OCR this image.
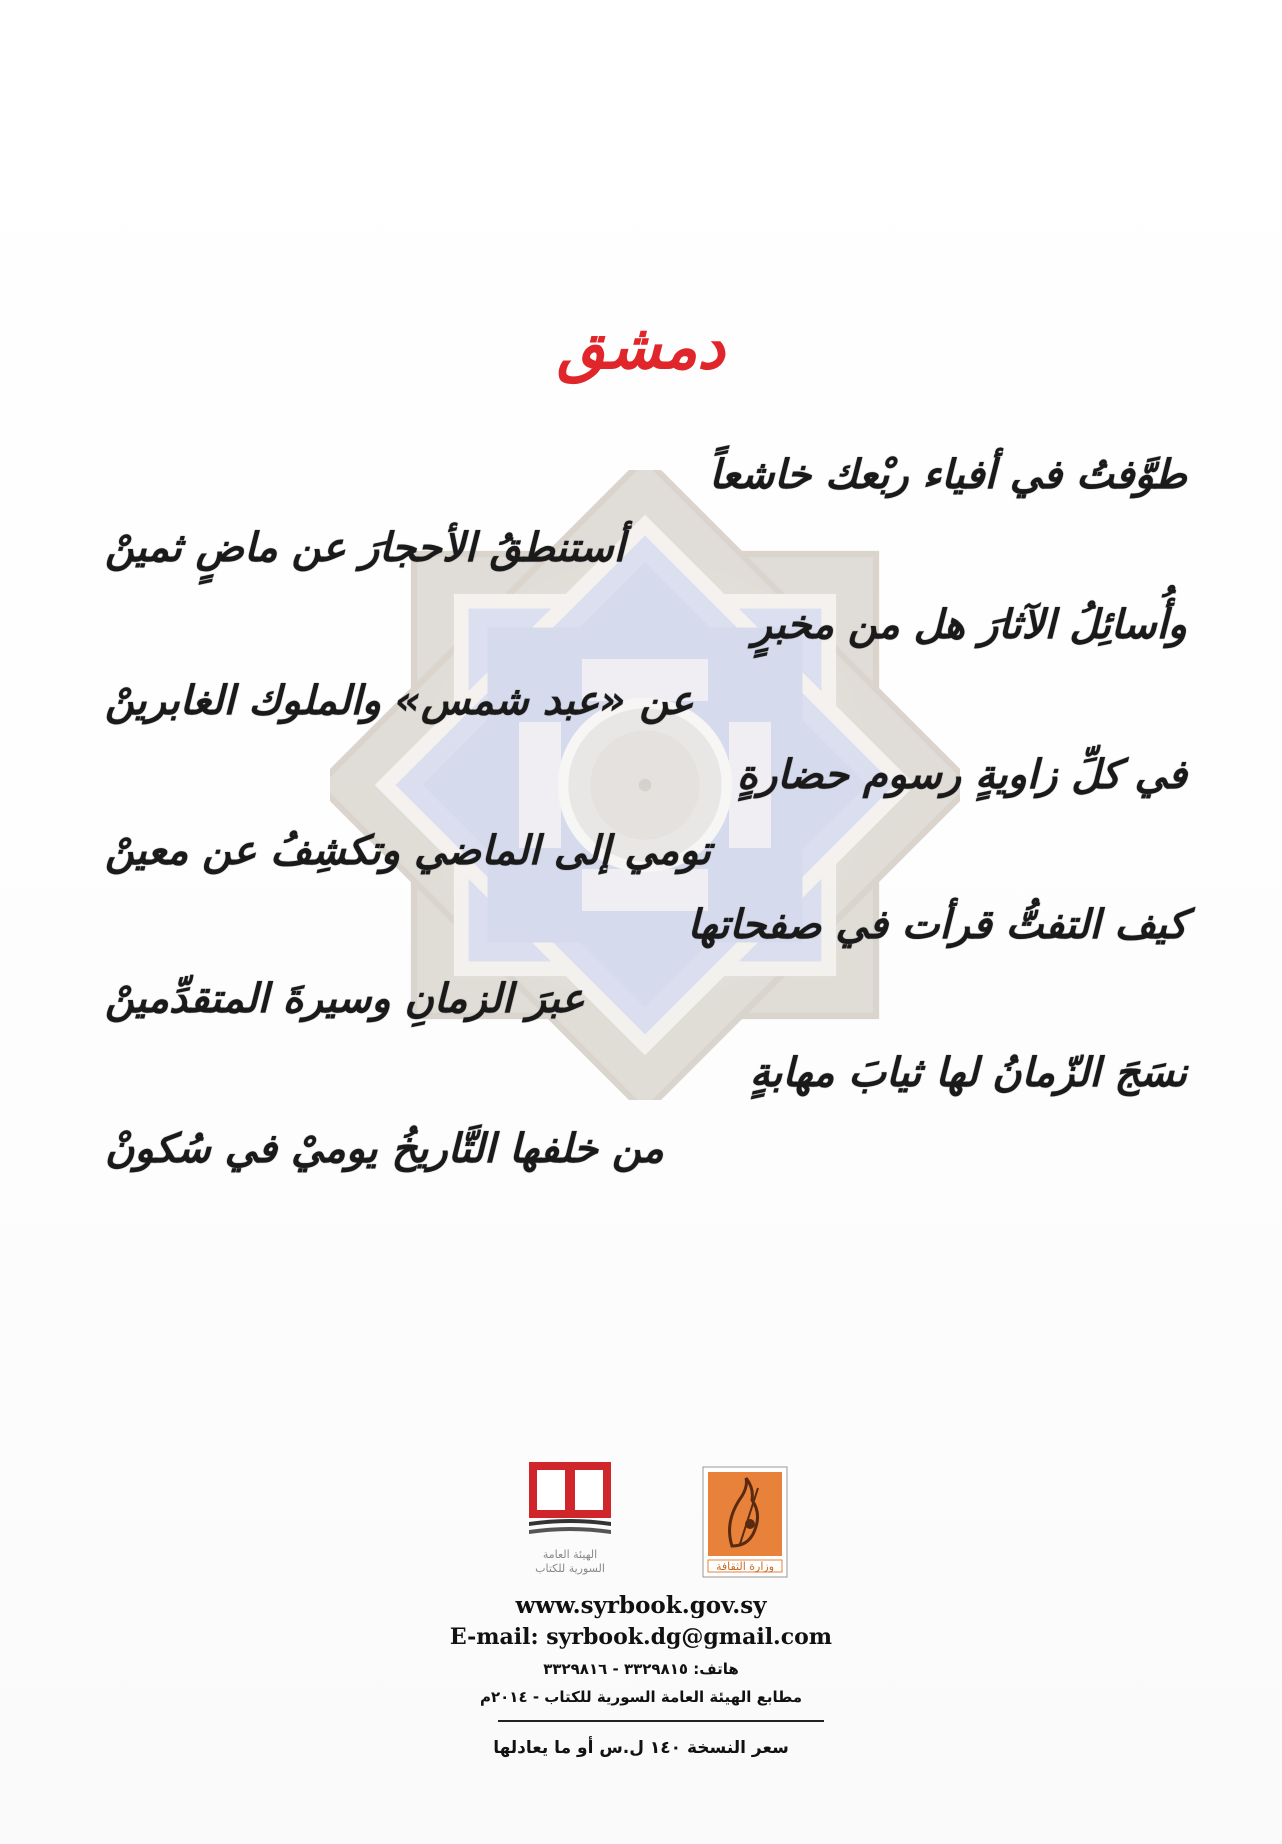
دمشق
طوَّفتُ في أفياء ربْعك خاشعاً
أستنطقُ الأحجارَ عن ماضٍ ثمينْ
وأُسائِلُ الآثارَ هل من مخبرٍ
عن «عبد شمس» والملوك الغابرينْ
في كلِّ زاويةٍ رسوم حضارةٍ
تومي إلى الماضي وتكشِفُ عن معينْ
كيف التفتُّ قرأت في صفحاتها
عبرَ الزمانِ وسيرةَ المتقدِّمينْ
نسَجَ الزّمانُ لها ثيابَ مهابةٍ
من خلفها التَّاريخُ يوميْ في سُكونْ
الهيئة العامة
السورية للكتاب	وزارة الثقافة
www.syrbook.gov.sy
E-mail: syrbook.dg@gmail.com
هاتف: ٣٣٢٩٨١٥ - ٣٣٢٩٨١٦
مطابع الهيئة العامة السورية للكتاب - ٢٠١٤م
سعر النسخة ١٤٠ ل.س أو ما يعادلها
